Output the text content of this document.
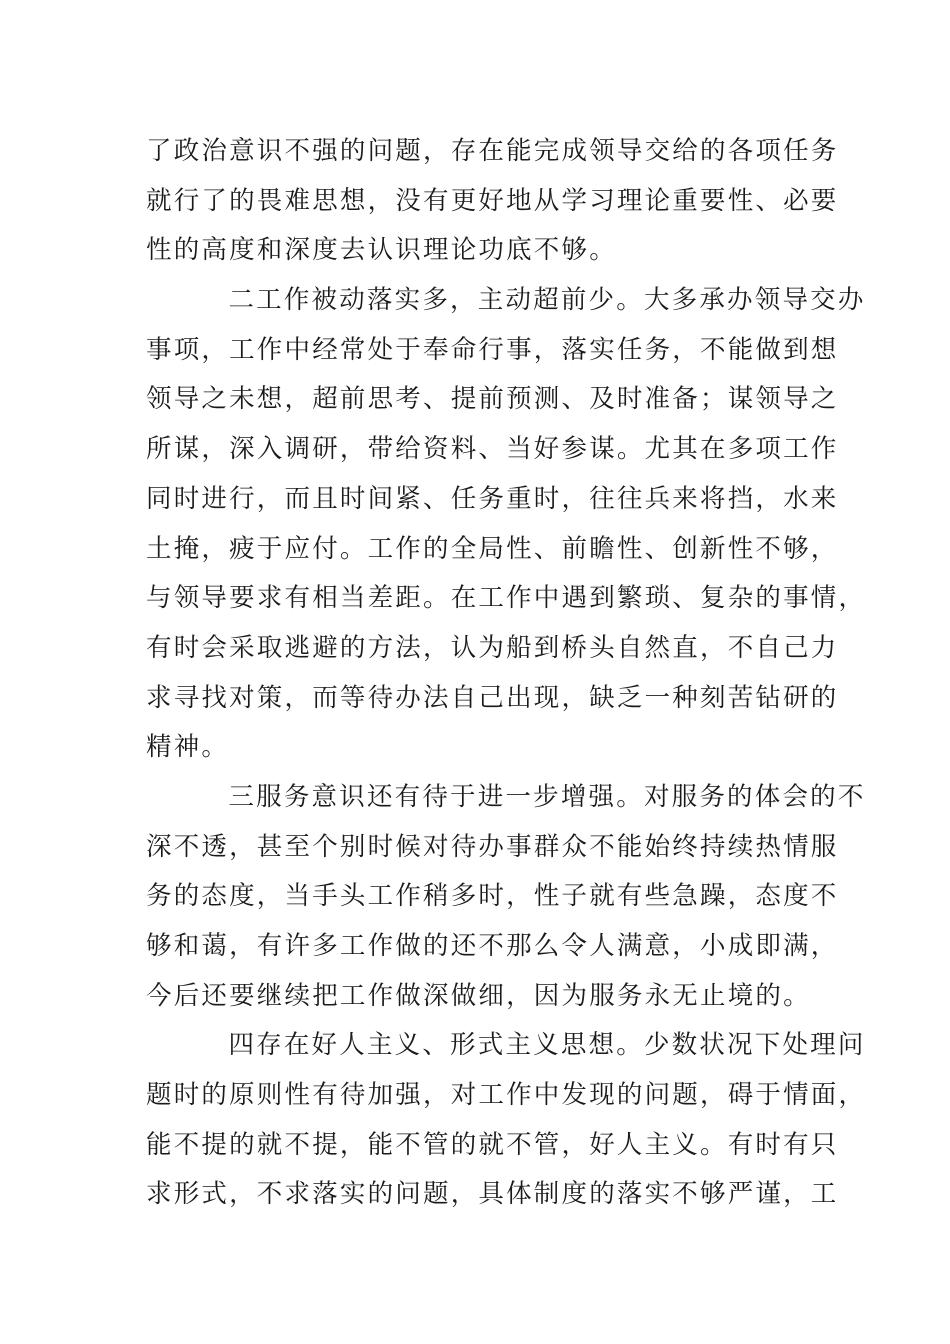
了政治意识不强的问题，存在能完成领导交给的各项任务
就行了的畏难思想，没有更好地从学习理论重要性、必要
性的高度和深度去认识理论功底不够。
二工作被动落实多，主动超前少。大多承办领导交办
事项，工作中经常处于奉命行事，落实任务，不能做到想
领导之未想，超前思考、提前预测、及时准备；谋领导之
所谋，深入调研，带给资料、当好参谋。尤其在多项工作
同时进行，而且时间紧、任务重时，往往兵来将挡，水来
土掩，疲于应付。工作的全局性、前瞻性、创新性不够，
与领导要求有相当差距。在工作中遇到繁琐、复杂的事情，
有时会采取逃避的方法，认为船到桥头自然直，不自己力
求寻找对策，而等待办法自己出现，缺乏一种刻苦钻研的
精神。
三服务意识还有待于进一步增强。对服务的体会的不
深不透，甚至个别时候对待办事群众不能始终持续热情服
务的态度，当手头工作稍多时，性子就有些急躁，态度不
够和蔼，有许多工作做的还不那么令人满意，小成即满，
今后还要继续把工作做深做细，因为服务永无止境的。
四存在好人主义、形式主义思想。少数状况下处理问
题时的原则性有待加强，对工作中发现的问题，碍于情面，
能不提的就不提，能不管的就不管，好人主义。有时有只
求形式，不求落实的问题，具体制度的落实不够严谨，工
